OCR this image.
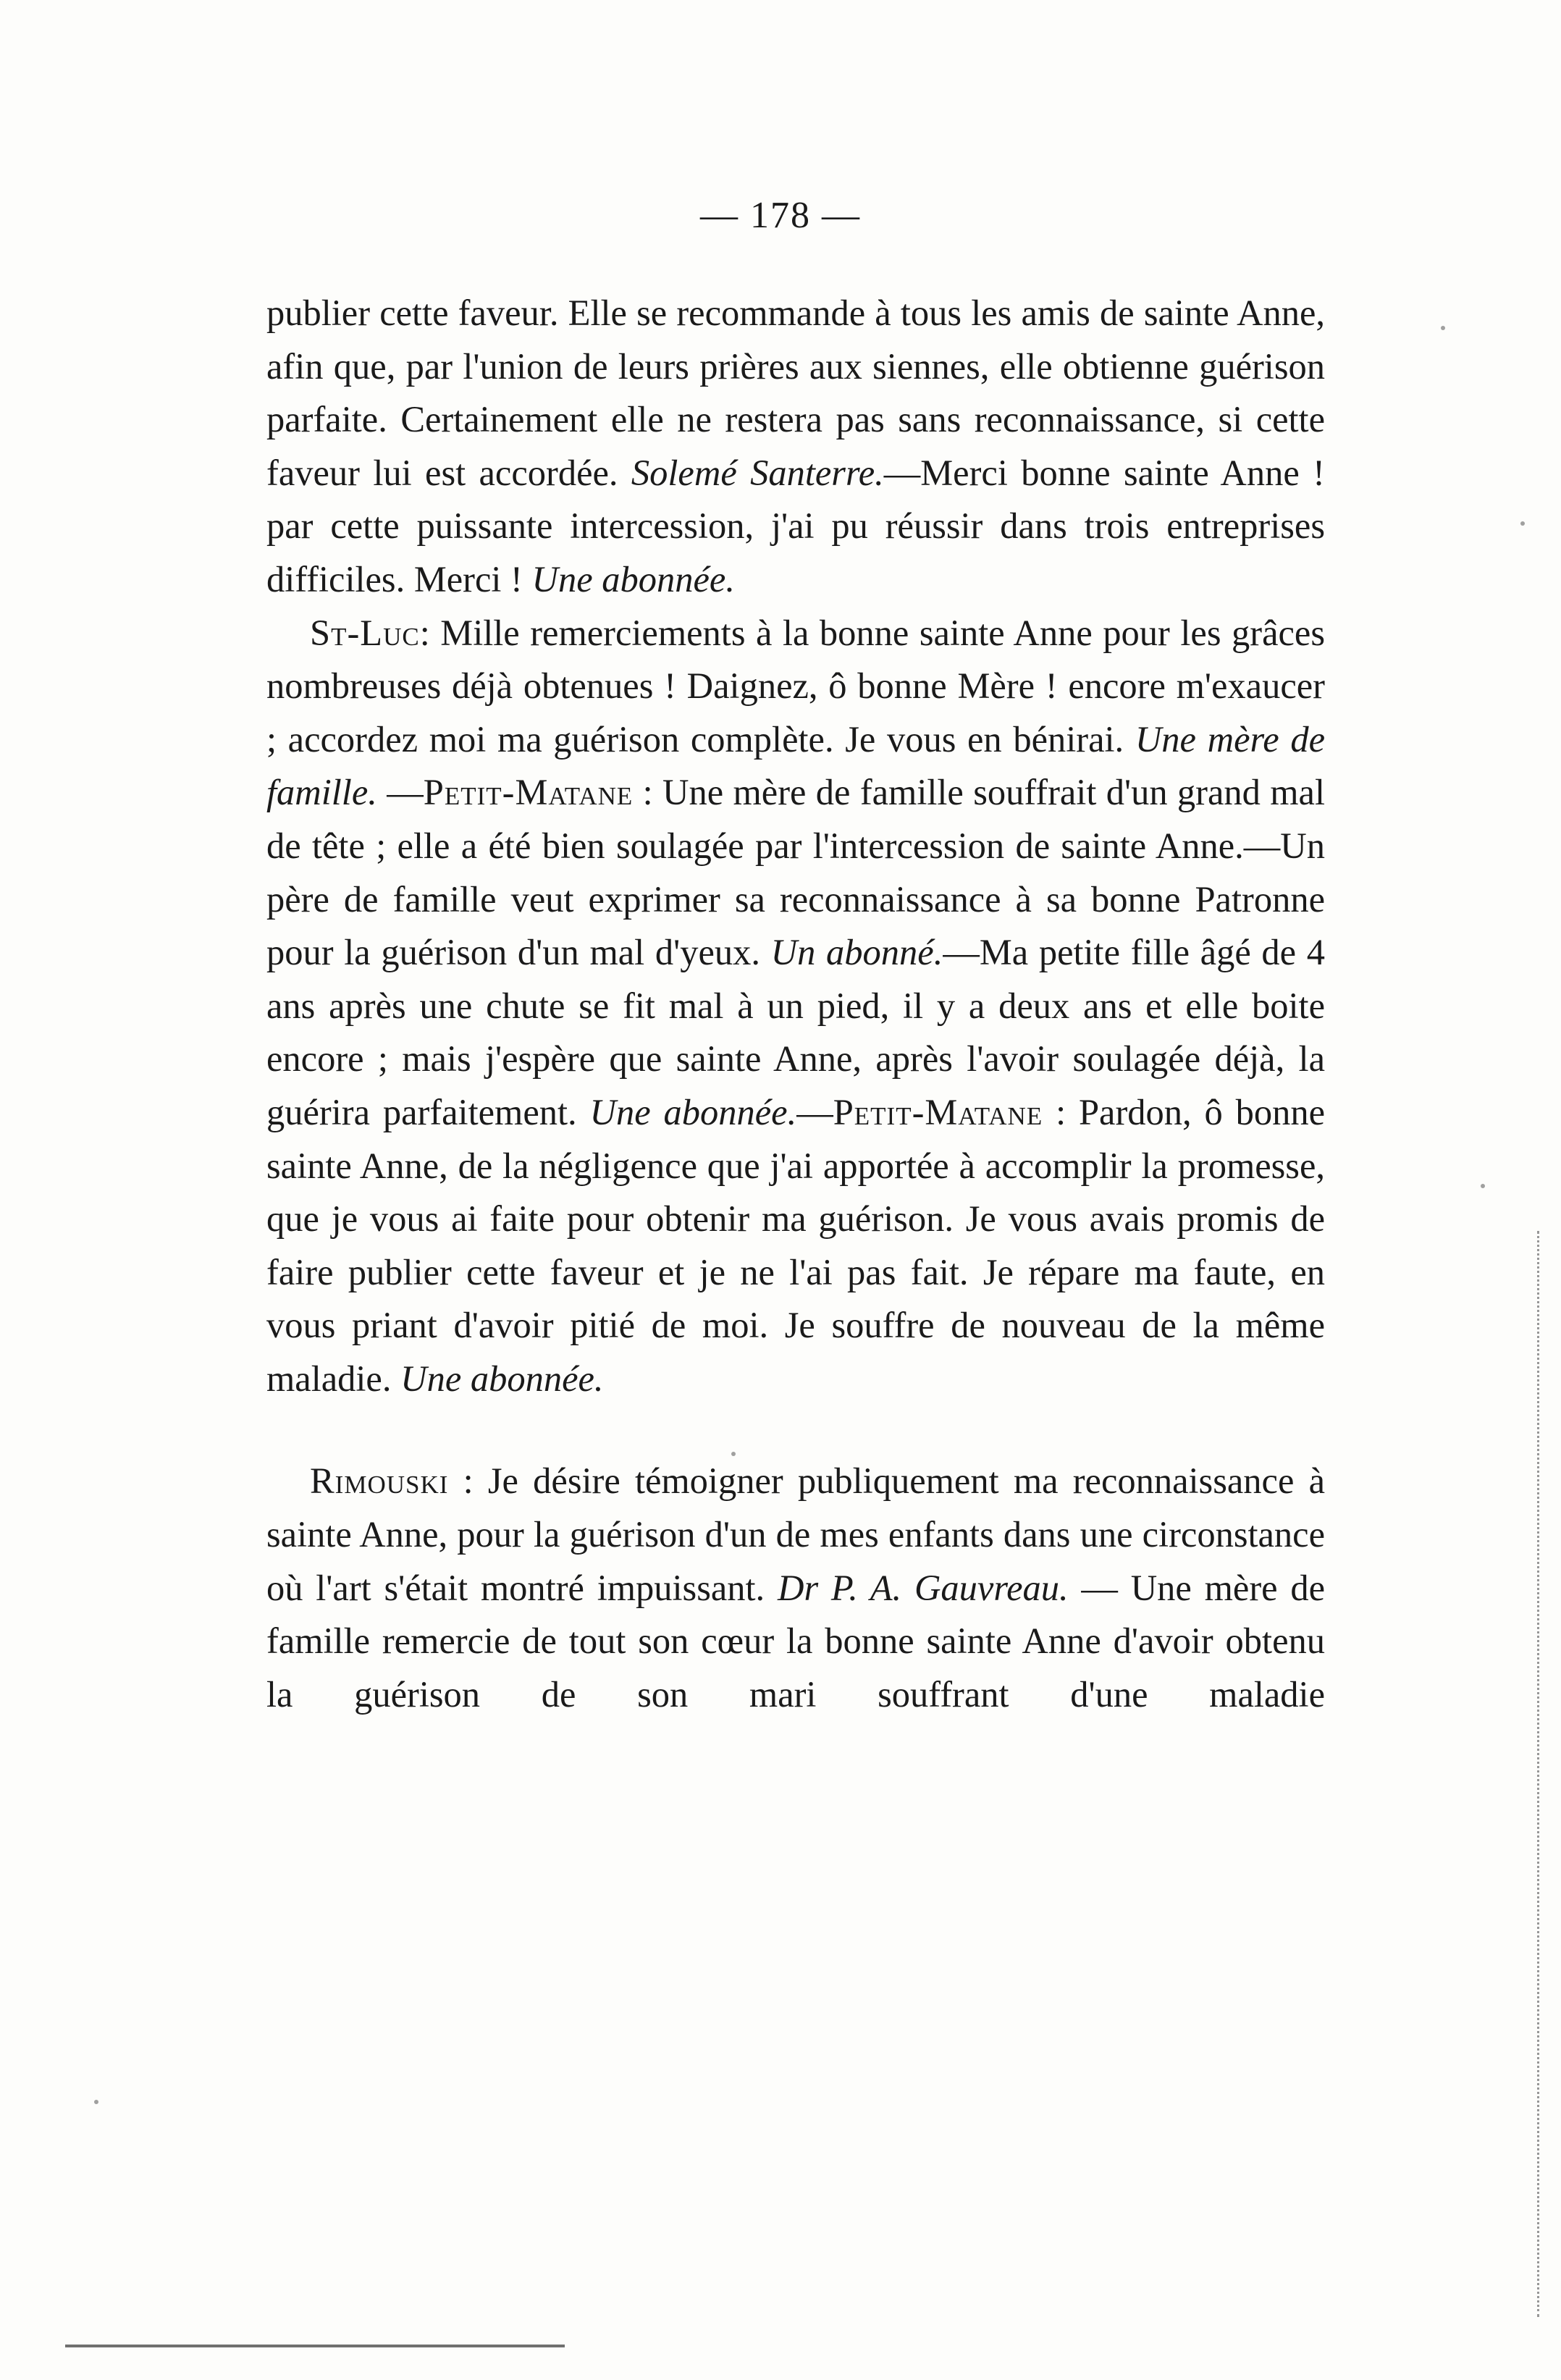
— 178 —

publier cette faveur. Elle se recommande à tous les amis de sainte Anne, afin que, par l'union de leurs prières aux siennes, elle obtienne guérison parfaite. Certainement elle ne restera pas sans reconnaissance, si cette faveur lui est accordée. Solemé Santerre.—Merci bonne sainte Anne ! par cette puissante intercession, j'ai pu réussir dans trois entreprises difficiles. Merci ! Une abonnée.

St-Luc: Mille remerciements à la bonne sainte Anne pour les grâces nombreuses déjà obtenues ! Daignez, ô bonne Mère ! encore m'exaucer ; accordez moi ma guérison complète. Je vous en bénirai. Une mère de famille. —Petit-Matane : Une mère de famille souffrait d'un grand mal de tête ; elle a été bien soulagée par l'intercession de sainte Anne.—Un père de famille veut exprimer sa reconnaissance à sa bonne Patronne pour la guérison d'un mal d'yeux. Un abonné.—Ma petite fille âgé de 4 ans après une chute se fit mal à un pied, il y a deux ans et elle boite encore ; mais j'espère que sainte Anne, après l'avoir soulagée déjà, la guérira parfaitement. Une abonnée.—Petit-Matane : Pardon, ô bonne sainte Anne, de la négligence que j'ai apportée à accomplir la promesse, que je vous ai faite pour obtenir ma guérison. Je vous avais promis de faire publier cette faveur et je ne l'ai pas fait. Je répare ma faute, en vous priant d'avoir pitié de moi. Je souffre de nouveau de la même maladie. Une abonnée.

Rimouski : Je désire témoigner publiquement ma reconnaissance à sainte Anne, pour la guérison d'un de mes enfants dans une circonstance où l'art s'était montré impuissant. Dr P. A. Gauvreau. — Une mère de famille remercie de tout son cœur la bonne sainte Anne d'avoir obtenu la guérison de son mari souffrant d'une maladie
